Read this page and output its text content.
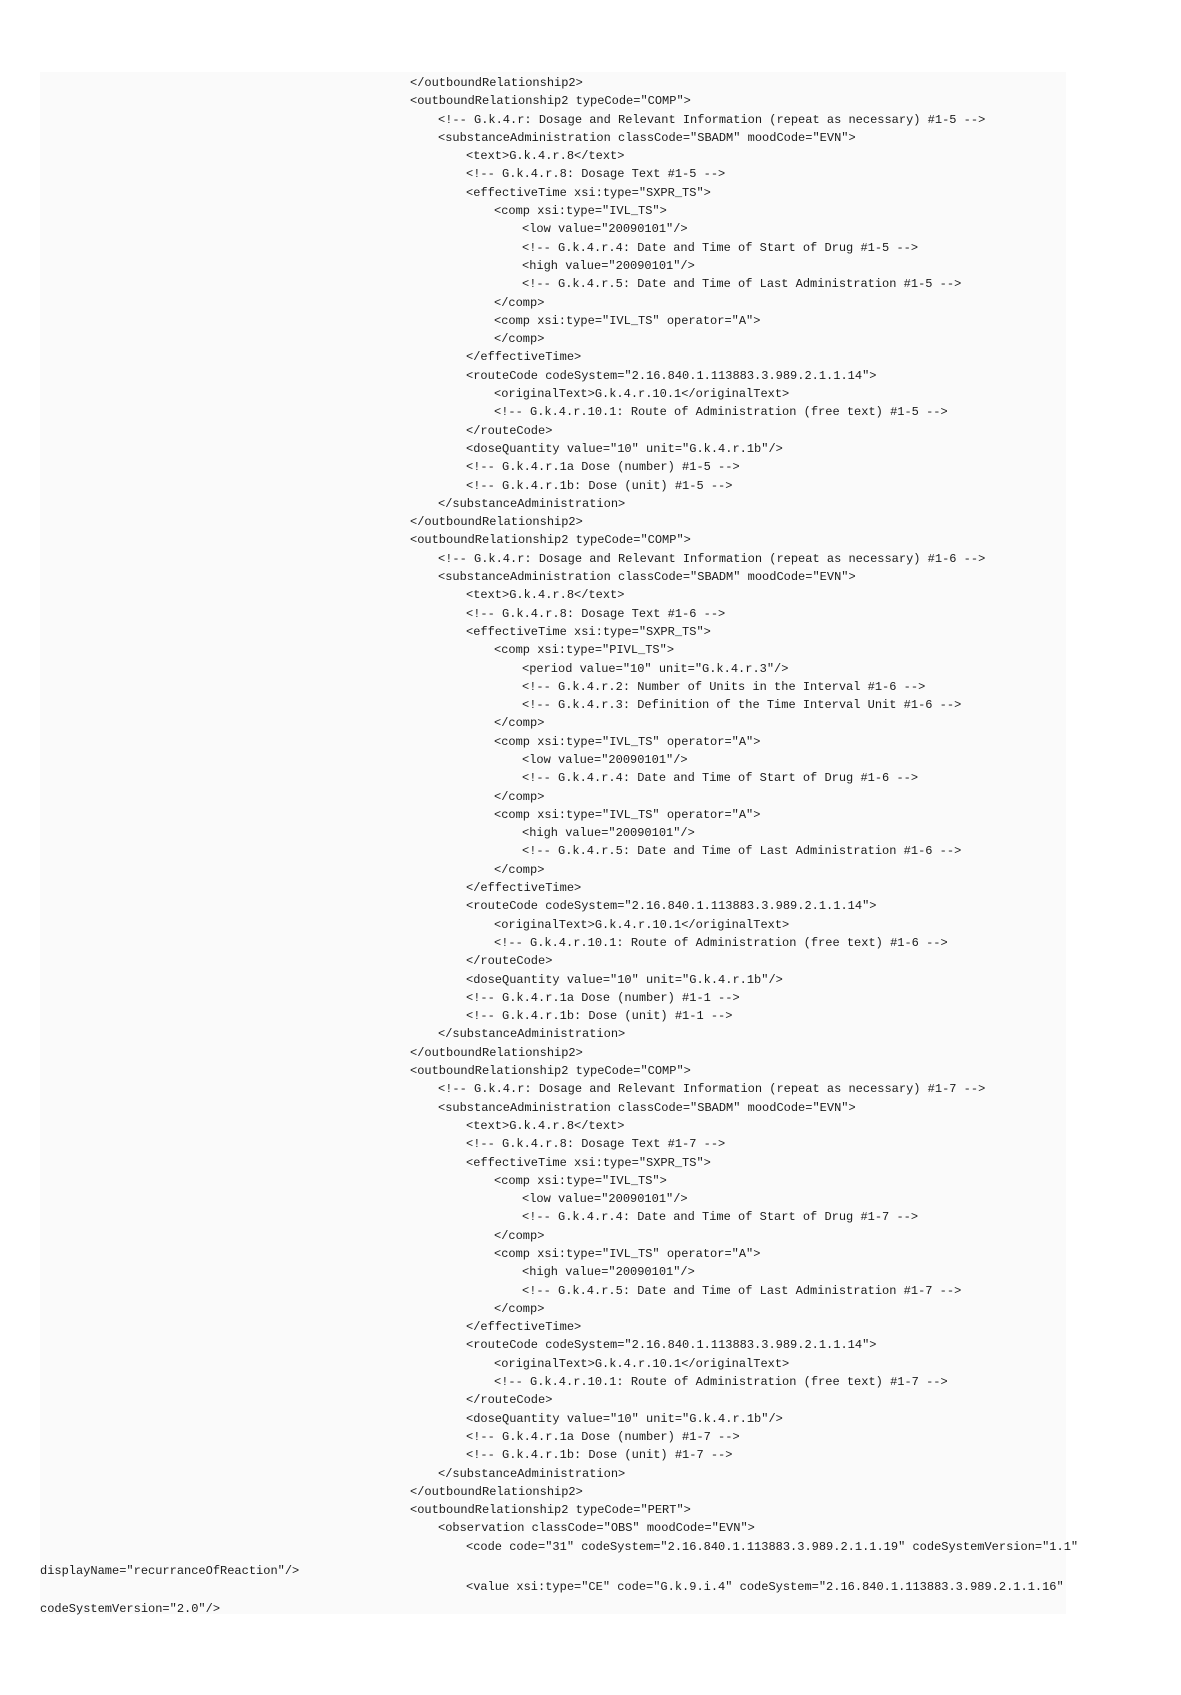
</outboundRelationship2>
<outboundRelationship2 typeCode="COMP">
<!-- G.k.4.r: Dosage and Relevant Information (repeat as necessary) #1-5 -->
<substanceAdministration classCode="SBADM" moodCode="EVN">
<text>G.k.4.r.8</text>
<!-- G.k.4.r.8: Dosage Text #1-5 -->
<effectiveTime xsi:type="SXPR_TS">
<comp xsi:type="IVL_TS">
<low value="20090101"/>
<!-- G.k.4.r.4: Date and Time of Start of Drug #1-5 -->
<high value="20090101"/>
<!-- G.k.4.r.5: Date and Time of Last Administration #1-5 -->
</comp>
<comp xsi:type="IVL_TS" operator="A">
</comp>
</effectiveTime>
<routeCode codeSystem="2.16.840.1.113883.3.989.2.1.1.14">
<originalText>G.k.4.r.10.1</originalText>
<!-- G.k.4.r.10.1: Route of Administration (free text) #1-5 -->
</routeCode>
<doseQuantity value="10" unit="G.k.4.r.1b"/>
<!-- G.k.4.r.1a Dose (number) #1-5 -->
<!-- G.k.4.r.1b: Dose (unit) #1-5 -->
</substanceAdministration>
</outboundRelationship2>
<outboundRelationship2 typeCode="COMP">
<!-- G.k.4.r: Dosage and Relevant Information (repeat as necessary) #1-6 -->
<substanceAdministration classCode="SBADM" moodCode="EVN">
<text>G.k.4.r.8</text>
<!-- G.k.4.r.8: Dosage Text #1-6 -->
<effectiveTime xsi:type="SXPR_TS">
<comp xsi:type="PIVL_TS">
<period value="10" unit="G.k.4.r.3"/>
<!-- G.k.4.r.2: Number of Units in the Interval #1-6 -->
<!-- G.k.4.r.3: Definition of the Time Interval Unit #1-6 -->
</comp>
<comp xsi:type="IVL_TS" operator="A">
<low value="20090101"/>
<!-- G.k.4.r.4: Date and Time of Start of Drug #1-6 -->
</comp>
<comp xsi:type="IVL_TS" operator="A">
<high value="20090101"/>
<!-- G.k.4.r.5: Date and Time of Last Administration #1-6 -->
</comp>
</effectiveTime>
<routeCode codeSystem="2.16.840.1.113883.3.989.2.1.1.14">
<originalText>G.k.4.r.10.1</originalText>
<!-- G.k.4.r.10.1: Route of Administration (free text) #1-6 -->
</routeCode>
<doseQuantity value="10" unit="G.k.4.r.1b"/>
<!-- G.k.4.r.1a Dose (number) #1-1 -->
<!-- G.k.4.r.1b: Dose (unit) #1-1 -->
</substanceAdministration>
</outboundRelationship2>
<outboundRelationship2 typeCode="COMP">
<!-- G.k.4.r: Dosage and Relevant Information (repeat as necessary) #1-7 -->
<substanceAdministration classCode="SBADM" moodCode="EVN">
<text>G.k.4.r.8</text>
<!-- G.k.4.r.8: Dosage Text #1-7 -->
<effectiveTime xsi:type="SXPR_TS">
<comp xsi:type="IVL_TS">
<low value="20090101"/>
<!-- G.k.4.r.4: Date and Time of Start of Drug #1-7 -->
</comp>
<comp xsi:type="IVL_TS" operator="A">
<high value="20090101"/>
<!-- G.k.4.r.5: Date and Time of Last Administration #1-7 -->
</comp>
</effectiveTime>
<routeCode codeSystem="2.16.840.1.113883.3.989.2.1.1.14">
<originalText>G.k.4.r.10.1</originalText>
<!-- G.k.4.r.10.1: Route of Administration (free text) #1-7 -->
</routeCode>
<doseQuantity value="10" unit="G.k.4.r.1b"/>
<!-- G.k.4.r.1a Dose (number) #1-7 -->
<!-- G.k.4.r.1b: Dose (unit) #1-7 -->
</substanceAdministration>
</outboundRelationship2>
<outboundRelationship2 typeCode="PERT">
<observation classCode="OBS" moodCode="EVN">
<code code="31" codeSystem="2.16.840.1.113883.3.989.2.1.1.19" codeSystemVersion="1.1"
displayName="recurranceOfReaction"/>
<value xsi:type="CE" code="G.k.9.i.4" codeSystem="2.16.840.1.113883.3.989.2.1.1.16"
codeSystemVersion="2.0"/>
